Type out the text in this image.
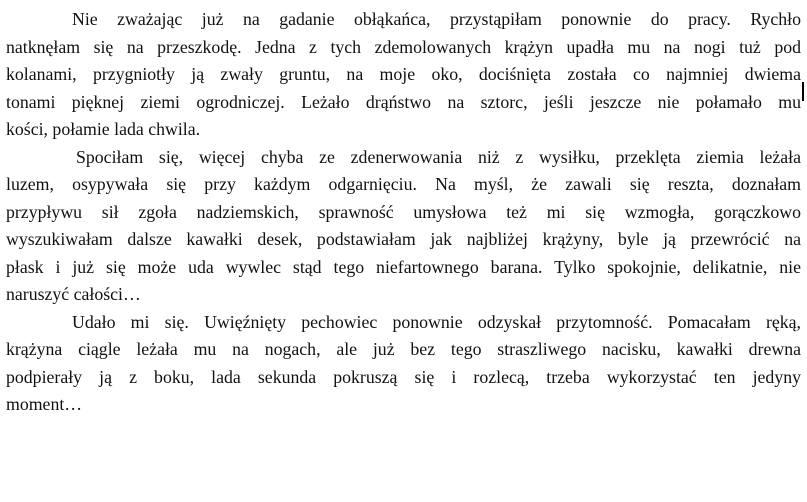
Nie zważając już na gadanie obłąkańca, przystąpiłam ponownie do pracy. Rychło
natknęłam się na przeszkodę. Jedna z tych zdemolowanych krążyn upadła mu na nogi tuż pod
kolanami, przygniotły ją zwały gruntu, na moje oko, dociśnięta została co najmniej dwiema
tonami pięknej ziemi ogrodniczej. Leżało drąństwo na sztorc, jeśli jeszcze nie połamało mu
kości, połamie lada chwila.
Spociłam się, więcej chyba ze zdenerwowania niż z wysiłku, przeklęta ziemia leżała
luzem, osypywała się przy każdym odgarnięciu. Na myśl, że zawali się reszta, doznałam
przypływu sił zgoła nadziemskich, sprawność umysłowa też mi się wzmogła, gorączkowo
wyszukiwałam dalsze kawałki desek, podstawiałam jak najbliżej krążyny, byle ją przewrócić na
płask i już się może uda wywlec stąd tego niefartownego barana. Tylko spokojnie, delikatnie, nie
naruszyć całości…
Udało mi się. Uwięźnięty pechowiec ponownie odzyskał przytomność. Pomacałam ręką,
krążyna ciągle leżała mu na nogach, ale już bez tego straszliwego nacisku, kawałki drewna
podpierały ją z boku, lada sekunda pokruszą się i rozlecą, trzeba wykorzystać ten jedyny
moment…
